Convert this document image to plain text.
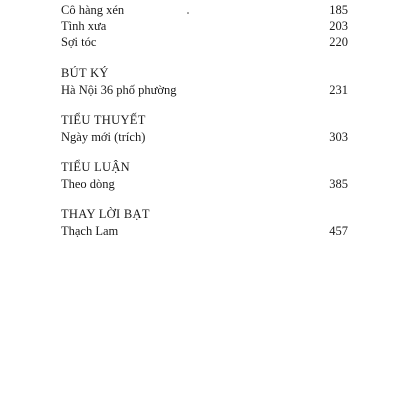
Cô hàng xén	185
Tình xưa	203
Sợi tóc	220
BÚT KÝ
Hà Nội 36 phố phường	231
TIỂU THUYẾT
Ngày mới (trích)	303
TIỂU LUẬN
Theo dòng	385
THAY LỜI BẠT
Thạch Lam	457
